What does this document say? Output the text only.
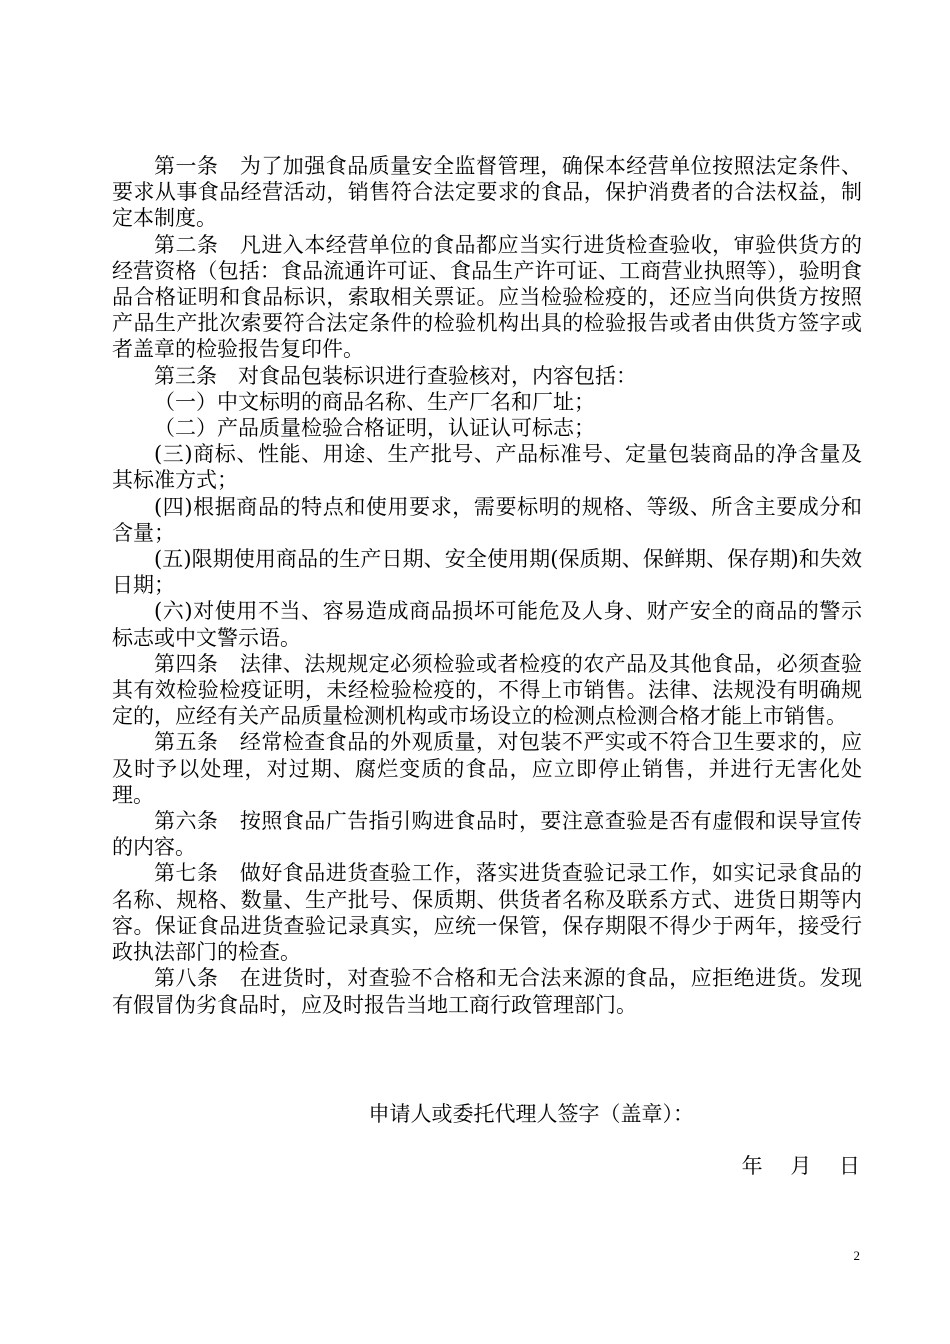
第一条　为了加强食品质量安全监督管理，确保本经营单位按照法定条件、要求从事食品经营活动，销售符合法定要求的食品，保护消费者的合法权益，制定本制度。

第二条　凡进入本经营单位的食品都应当实行进货检查验收，审验供货方的经营资格（包括：食品流通许可证、食品生产许可证、工商营业执照等），验明食品合格证明和食品标识，索取相关票证。应当检验检疫的，还应当向供货方按照产品生产批次索要符合法定条件的检验机构出具的检验报告或者由供货方签字或者盖章的检验报告复印件。

第三条　对食品包装标识进行查验核对，内容包括：

（一）中文标明的商品名称、生产厂名和厂址；

（二）产品质量检验合格证明，认证认可标志；

(三)商标、性能、用途、生产批号、产品标准号、定量包装商品的净含量及其标准方式；

(四)根据商品的特点和使用要求，需要标明的规格、等级、所含主要成分和含量；

(五)限期使用商品的生产日期、安全使用期(保质期、保鲜期、保存期)和失效日期；

(六)对使用不当、容易造成商品损坏可能危及人身、财产安全的商品的警示标志或中文警示语。

第四条　法律、法规规定必须检验或者检疫的农产品及其他食品，必须查验其有效检验检疫证明，未经检验检疫的，不得上市销售。法律、法规没有明确规定的，应经有关产品质量检测机构或市场设立的检测点检测合格才能上市销售。

第五条　经常检查食品的外观质量，对包装不严实或不符合卫生要求的，应及时予以处理，对过期、腐烂变质的食品，应立即停止销售，并进行无害化处理。

第六条　按照食品广告指引购进食品时，要注意查验是否有虚假和误导宣传的内容。

第七条　做好食品进货查验工作，落实进货查验记录工作，如实记录食品的名称、规格、数量、生产批号、保质期、供货者名称及联系方式、进货日期等内容。保证食品进货查验记录真实，应统一保管，保存期限不得少于两年，接受行政执法部门的检查。

第八条　在进货时，对查验不合格和无合法来源的食品，应拒绝进货。发现有假冒伪劣食品时，应及时报告当地工商行政管理部门。

申请人或委托代理人签字（盖章）：
年　 月　 日
2
